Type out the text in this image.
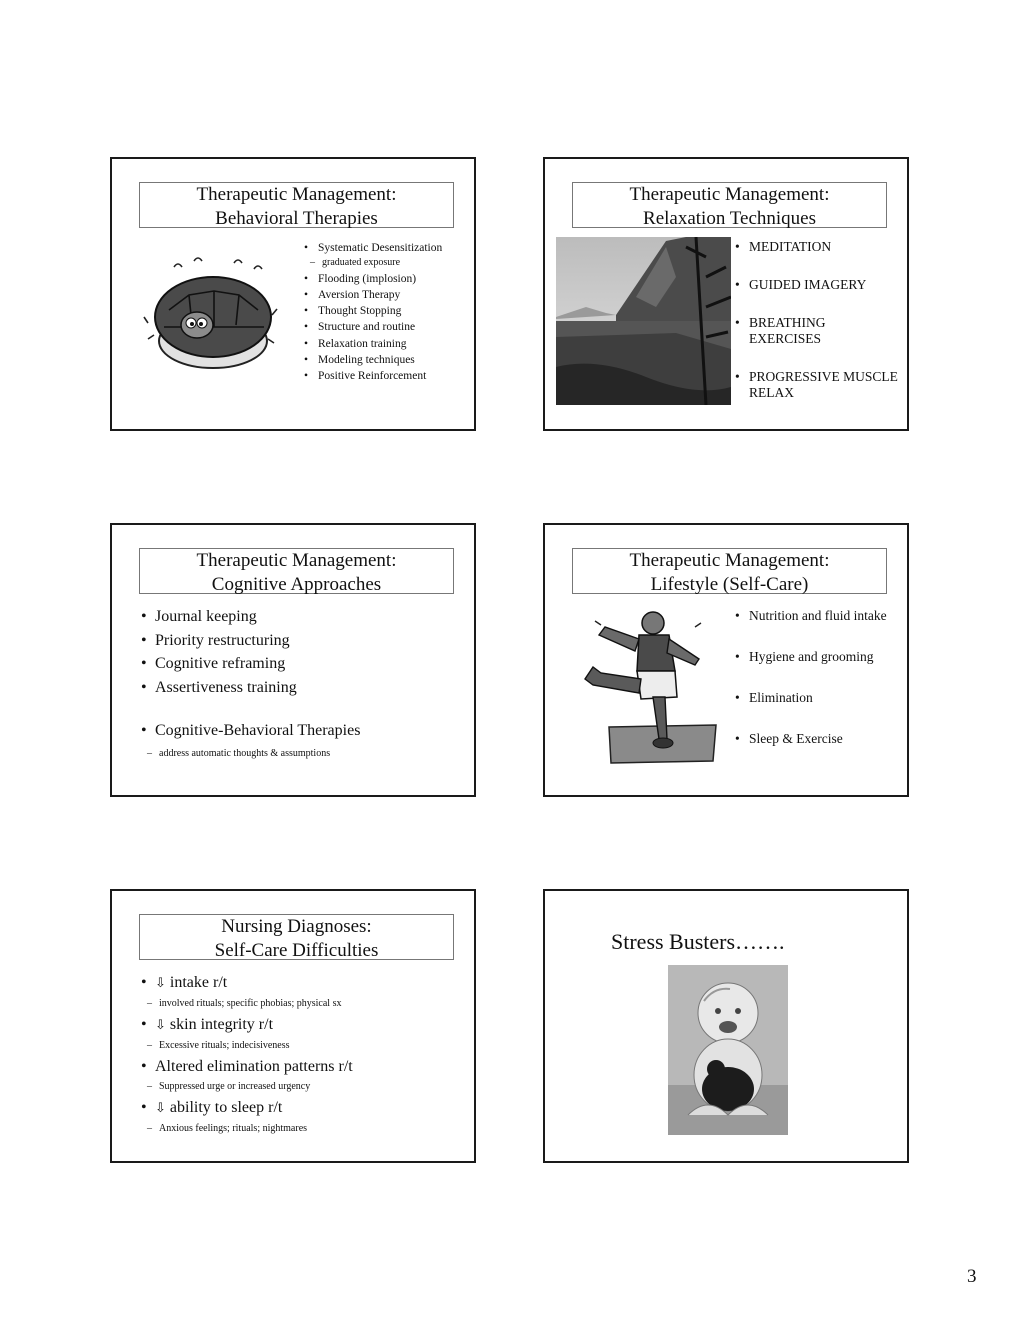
Therapeutic Management:
Behavioral Therapies
• Systematic Desensitization
– graduated exposure
• Flooding (implosion)
• Aversion Therapy
• Thought Stopping
• Structure and routine
• Relaxation training
• Modeling techniques
• Positive Reinforcement
Therapeutic Management:
Relaxation Techniques
• MEDITATION
• GUIDED IMAGERY
• BREATHING EXERCISES
• PROGRESSIVE MUSCLE RELAX
Therapeutic Management:
Cognitive Approaches
• Journal keeping
• Priority restructuring
• Cognitive reframing
• Assertiveness training
• Cognitive-Behavioral Therapies
– address automatic thoughts & assumptions
Therapeutic Management:
Lifestyle (Self-Care)
• Nutrition and fluid intake
• Hygiene and grooming
• Elimination
• Sleep & Exercise
Nursing Diagnoses:
Self-Care Difficulties
• ⇩ intake r/t
– involved rituals; specific phobias; physical sx
• ⇩ skin integrity r/t
– Excessive rituals; indecisiveness
• Altered elimination patterns r/t
– Suppressed urge or increased urgency
• ⇩ ability to sleep r/t
– Anxious feelings; rituals; nightmares
Stress Busters…….
3
